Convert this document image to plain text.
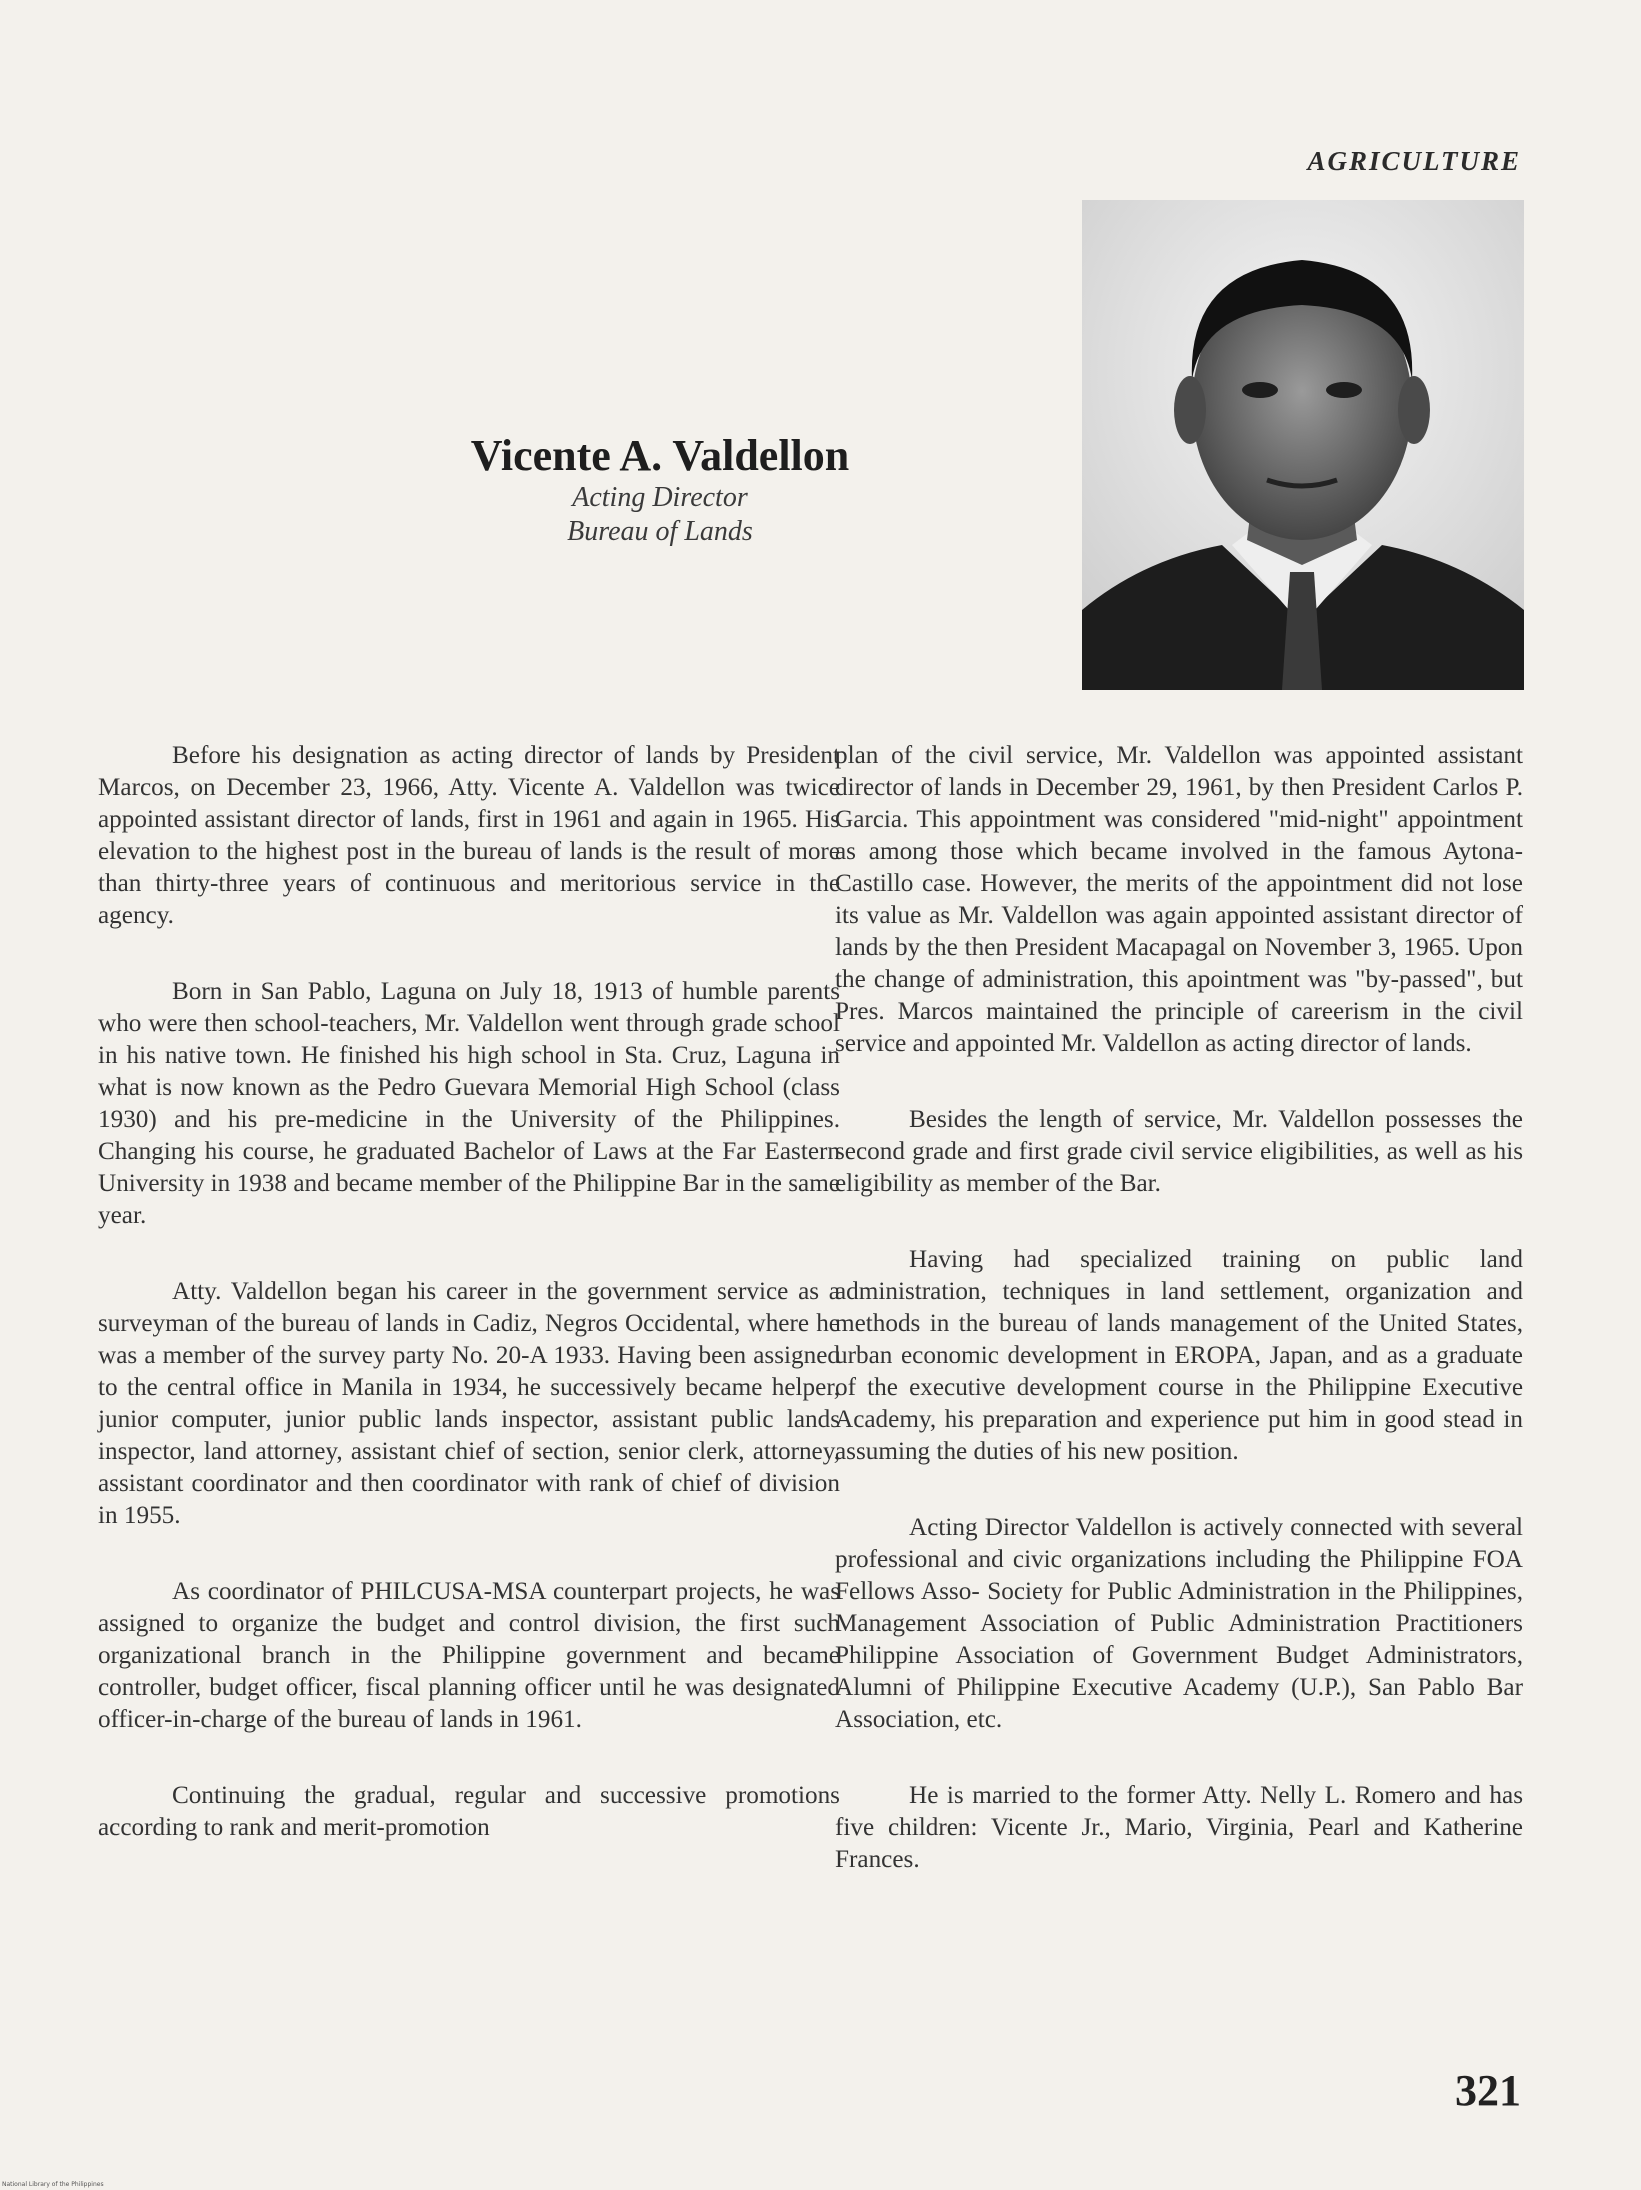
AGRICULTURE
Vicente A. Valdellon
Acting Director
Bureau of Lands

Before his designation as acting director of lands by President Marcos, on December 23, 1966, Atty. Vicente A. Valdellon was twice appointed assistant director of lands, first in 1961 and again in 1965. His elevation to the highest post in the bureau of lands is the result of more than thirty-three years of continuous and meritorious service in the agency.

Born in San Pablo, Laguna on July 18, 1913 of humble parents who were then school-teachers, Mr. Valdellon went through grade school in his native town. He finished his high school in Sta. Cruz, Laguna in what is now known as the Pedro Guevara Memorial High School (class 1930) and his pre-medicine in the University of the Philippines. Changing his course, he graduated Bachelor of Laws at the Far Eastern University in 1938 and became member of the Philippine Bar in the same year.

Atty. Valdellon began his career in the government service as a surveyman of the bureau of lands in Cadiz, Negros Occidental, where he was a member of the survey party No. 20-A 1933. Having been assigned to the central office in Manila in 1934, he successively became helper, junior computer, junior public lands inspector, assistant public lands inspector, land attorney, assistant chief of section, senior clerk, attorney, assistant coordinator and then coordinator with rank of chief of division in 1955.

As coordinator of PHILCUSA-MSA counterpart projects, he was assigned to organize the budget and control division, the first such organizational branch in the Philippine government and became controller, budget officer, fiscal planning officer until he was designated officer-in-charge of the bureau of lands in 1961.

Continuing the gradual, regular and successive promotions according to rank and merit-promotion

plan of the civil service, Mr. Valdellon was appointed assistant director of lands in December 29, 1961, by then President Carlos P. Garcia. This appointment was considered "mid-night" appointment as among those which became involved in the famous Aytona-Castillo case. However, the merits of the appointment did not lose its value as Mr. Valdellon was again appointed assistant director of lands by the then President Macapagal on November 3, 1965. Upon the change of administration, this apointment was "by-passed", but Pres. Marcos maintained the principle of careerism in the civil service and appointed Mr. Valdellon as acting director of lands.

Besides the length of service, Mr. Valdellon possesses the second grade and first grade civil service eligibilities, as well as his eligibility as member of the Bar.

Having had specialized training on public land administration, techniques in land settlement, organization and methods in the bureau of lands management of the United States, urban economic development in EROPA, Japan, and as a graduate of the executive development course in the Philippine Executive Academy, his preparation and experience put him in good stead in assuming the duties of his new position.

Acting Director Valdellon is actively connected with several professional and civic organizations including the Philippine FOA Fellows Asso- Society for Public Administration in the Philippines, Management Association of Public Administration Practitioners Philippine Association of Government Budget Administrators, Alumni of Philippine Executive Academy (U.P.), San Pablo Bar Association, etc.

He is married to the former Atty. Nelly L. Romero and has five children: Vicente Jr., Mario, Virginia, Pearl and Katherine Frances.

321
National Library of the Philippines
